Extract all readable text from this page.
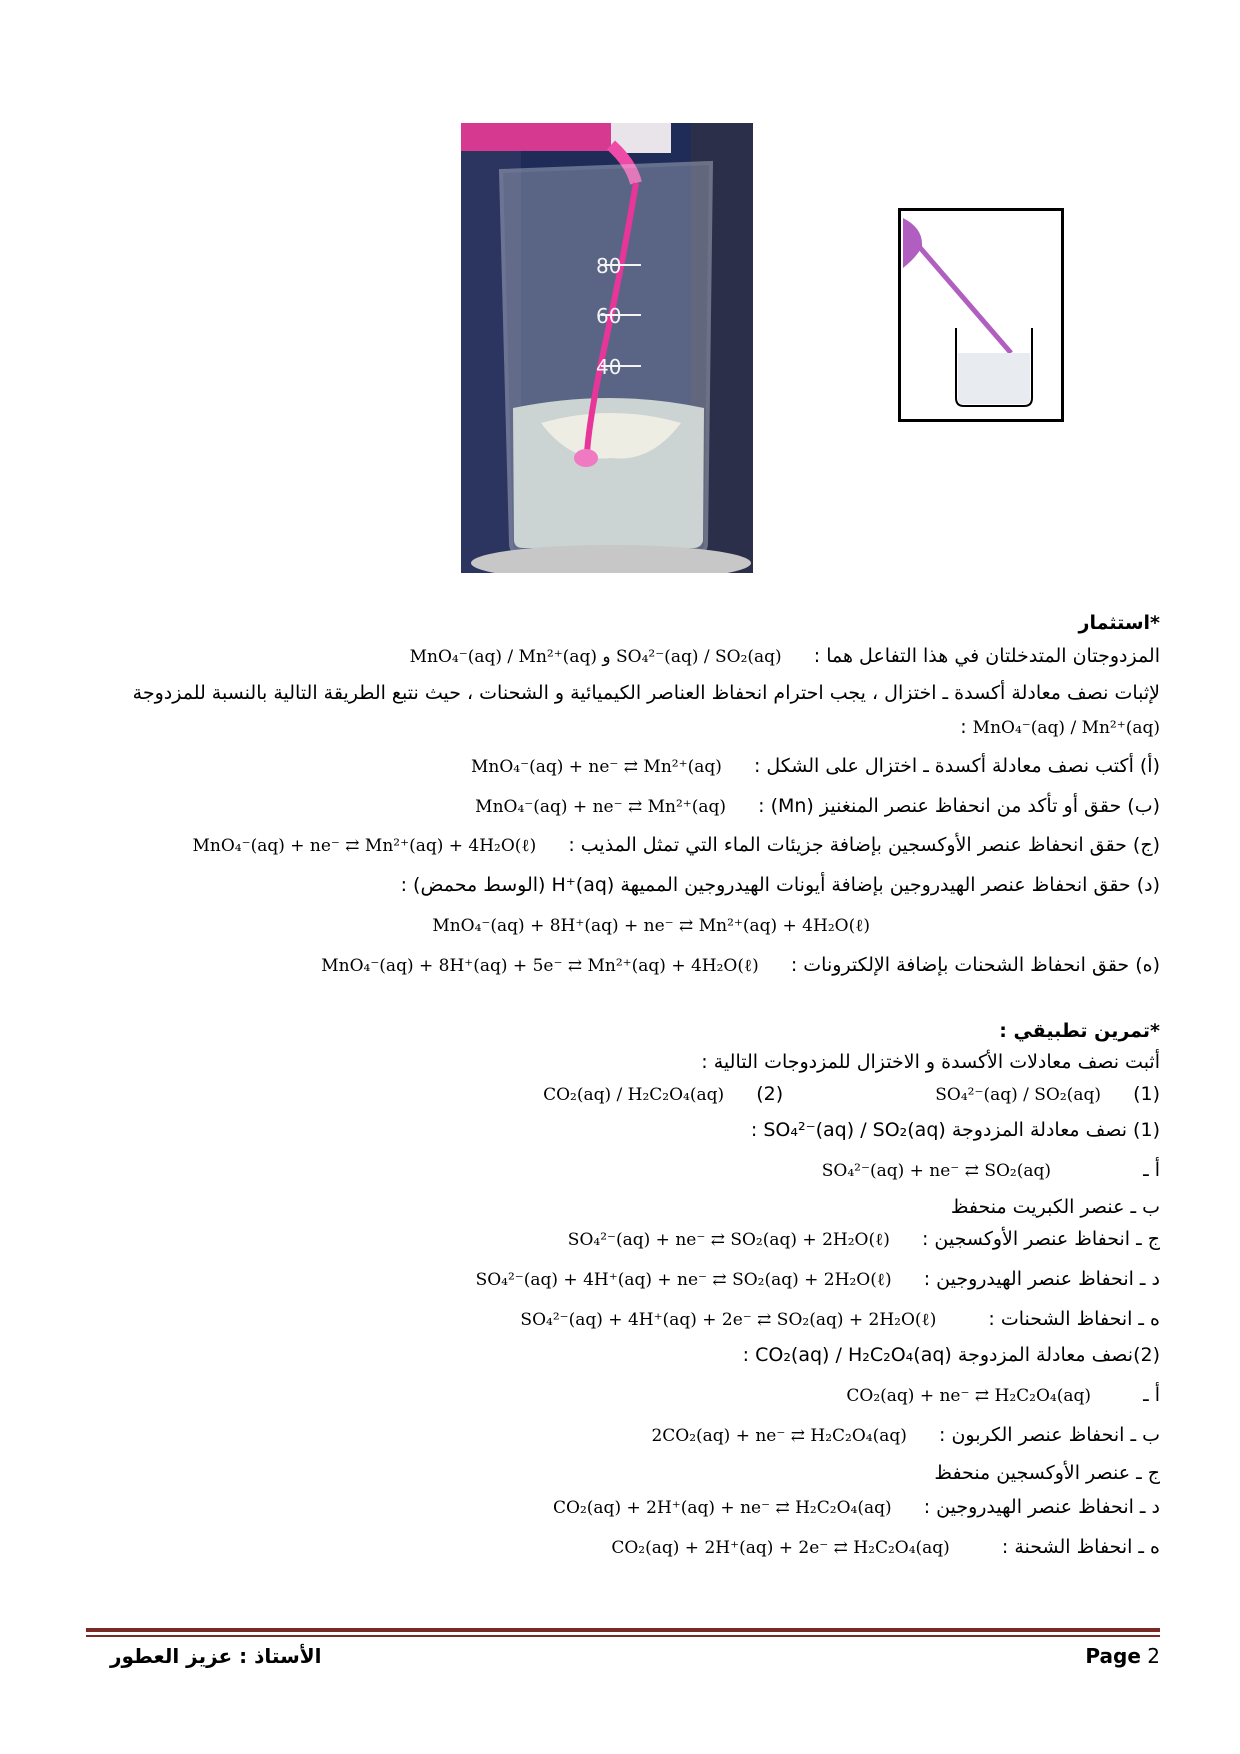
80
60
40
*استثمار
المزدوجتان المتدخلتان في هذا التفاعل هما :  MnO₄⁻(aq) / Mn²⁺(aq) و SO₄²⁻(aq) / SO₂(aq)
لإثبات نصف معادلة أكسدة ـ اختزال ، يجب احترام انحفاظ العناصر الكيميائية و الشحنات ، حيث نتبع الطريقة التالية بالنسبة للمزدوجة MnO₄⁻(aq) / Mn²⁺(aq) :
(أ) أكتب نصف معادلة أكسدة ـ اختزال على الشكل :  MnO₄⁻(aq) + ne⁻ ⇄ Mn²⁺(aq)
(ب) حقق أو تأكد من انحفاظ عنصر المنغنيز (Mn) :  MnO₄⁻(aq) + ne⁻ ⇄ Mn²⁺(aq)
(ج) حقق انحفاظ عنصر الأوكسجين بإضافة جزيئات الماء التي تمثل المذيب :  MnO₄⁻(aq) + ne⁻ ⇄ Mn²⁺(aq) + 4H₂O(ℓ)
(د) حقق انحفاظ عنصر الهيدروجين بإضافة أيونات الهيدروجين المميهة H⁺(aq) (الوسط محمض) :
MnO₄⁻(aq) + 8H⁺(aq) + ne⁻ ⇄ Mn²⁺(aq) + 4H₂O(ℓ)
(ه) حقق انحفاظ الشحنات بإضافة الإلكترونات :  MnO₄⁻(aq) + 8H⁺(aq) + 5e⁻ ⇄ Mn²⁺(aq) + 4H₂O(ℓ)
*تمرين تطبيقي :
أثبت نصف معادلات الأكسدة و الاختزال للمزدوجات التالية :
(1)  SO₄²⁻(aq) / SO₂(aq)  (2)  CO₂(aq) / H₂C₂O₄(aq)
(1) نصف معادلة المزدوجة SO₄²⁻(aq) / SO₂(aq) :
أ ـ  SO₄²⁻(aq) + ne⁻ ⇄ SO₂(aq)
ب ـ عنصر الكبريت منحفظ
ج ـ انحفاظ عنصر الأوكسجين :  SO₄²⁻(aq) + ne⁻ ⇄ SO₂(aq) + 2H₂O(ℓ)
د ـ انحفاظ عنصر الهيدروجين :  SO₄²⁻(aq) + 4H⁺(aq) + ne⁻ ⇄ SO₂(aq) + 2H₂O(ℓ)
ه ـ انحفاظ الشحنات :  SO₄²⁻(aq) + 4H⁺(aq) + 2e⁻ ⇄ SO₂(aq) + 2H₂O(ℓ)
(2)نصف معادلة المزدوجة CO₂(aq) / H₂C₂O₄(aq) :
أ ـ  CO₂(aq) + ne⁻ ⇄ H₂C₂O₄(aq)
ب ـ انحفاظ عنصر الكربون :  2CO₂(aq) + ne⁻ ⇄ H₂C₂O₄(aq)
ج ـ عنصر الأوكسجين منحفظ
د ـ انحفاظ عنصر الهيدروجين :  CO₂(aq) + 2H⁺(aq) + ne⁻ ⇄ H₂C₂O₄(aq)
ه ـ انحفاظ الشحنة :  CO₂(aq) + 2H⁺(aq) + 2e⁻ ⇄ H₂C₂O₄(aq)
الأستاذ : عزيز العطور	Page 2
